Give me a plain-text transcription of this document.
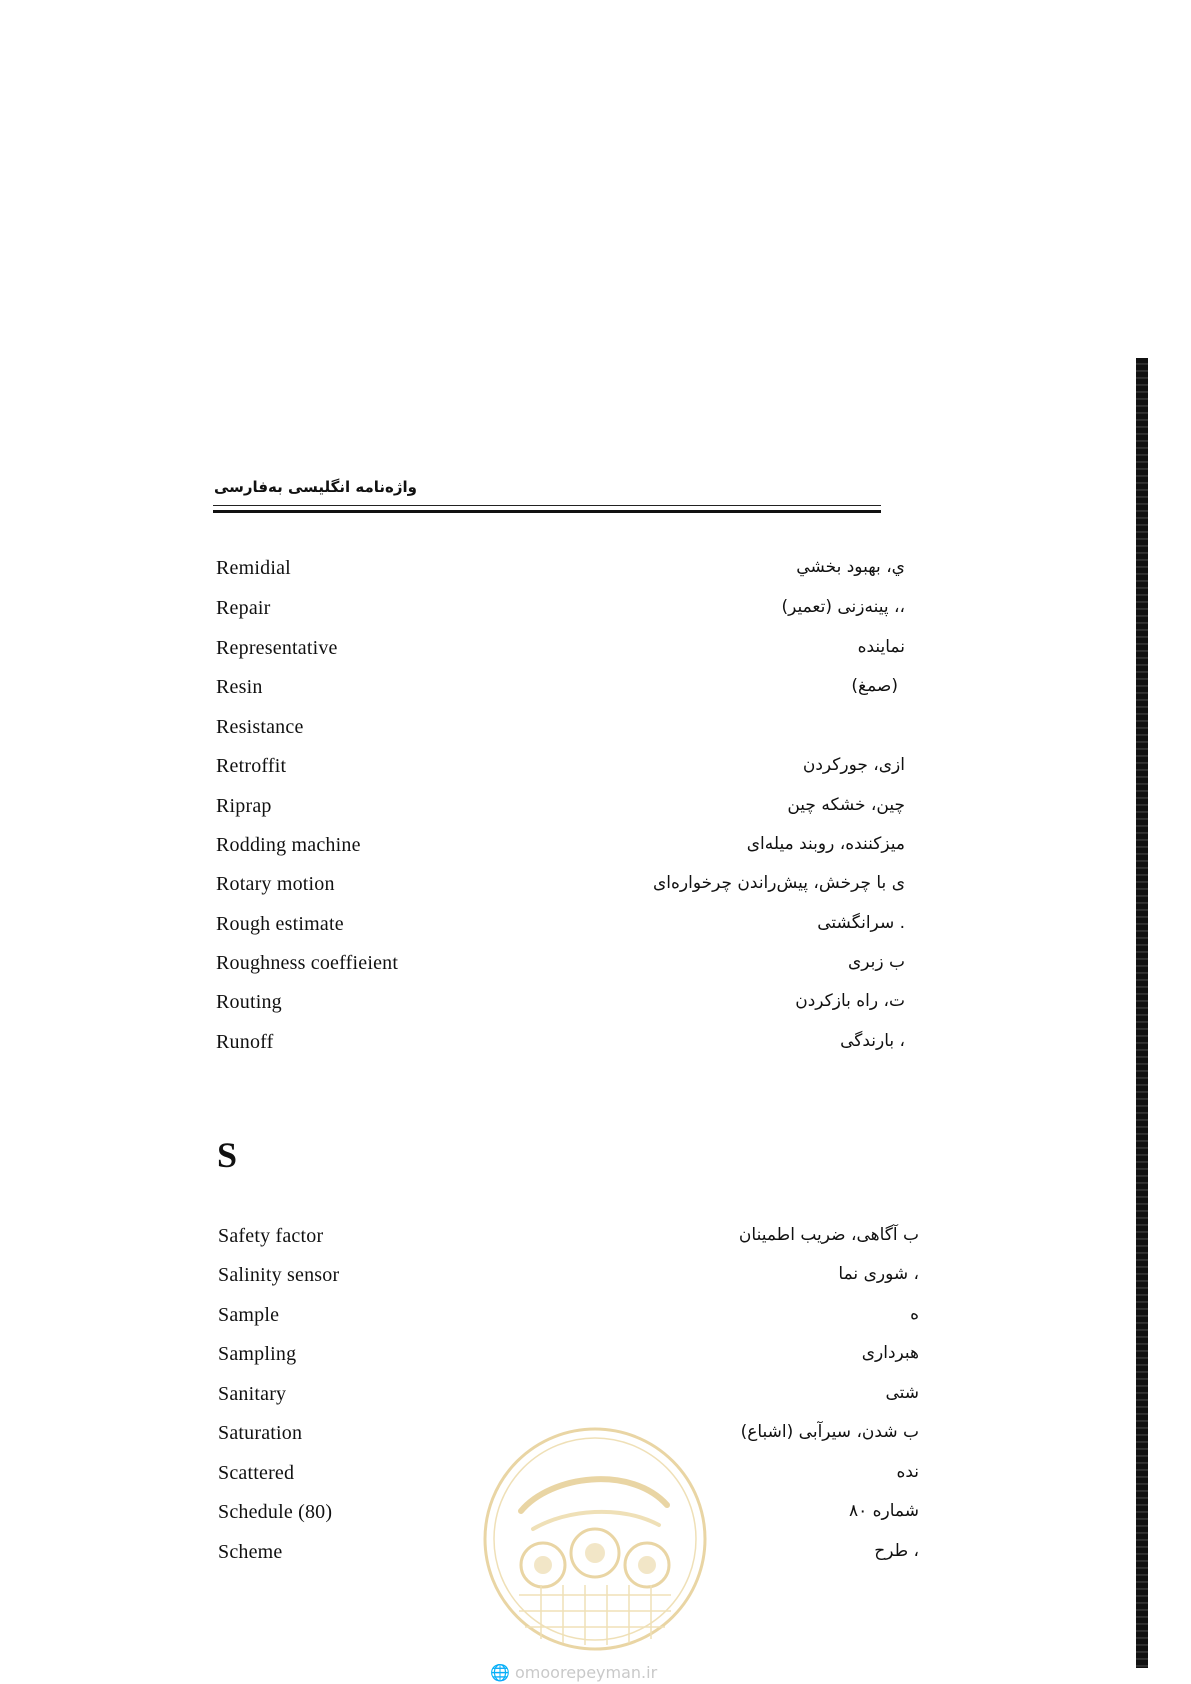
واژه‌نامه انگلیسی به‌فارسی
Remidial	ي، بهبود بخشي
Repair	،، پینه‌زنی (تعمیر)
Representative	نماینده
Resin	(صمغ)
Resistance
Retroffit	ازی، جورکردن
Riprap	چین، خشکه چین
Rodding machine	میزکننده، روبند میله‌ای
Rotary motion	ی با چرخش، پیش‌راندن چرخواره‌ای
Rough estimate	. سرانگشتی
Roughness coeffieient	ب زبری
Routing	ت، راه بازکردن
Runoff	، بارندگی
S
Safety factor	ب آگاهی، ضریب اطمینان
Salinity sensor	، شوری نما
Sample	ه
Sampling	هبرداری
Sanitary	شتی
Saturation	ب شدن، سیرآبی (اشباع)
Scattered	نده
Schedule (80)	شماره ۸۰
Scheme	، طرح
🌐 omoorepeyman.ir
